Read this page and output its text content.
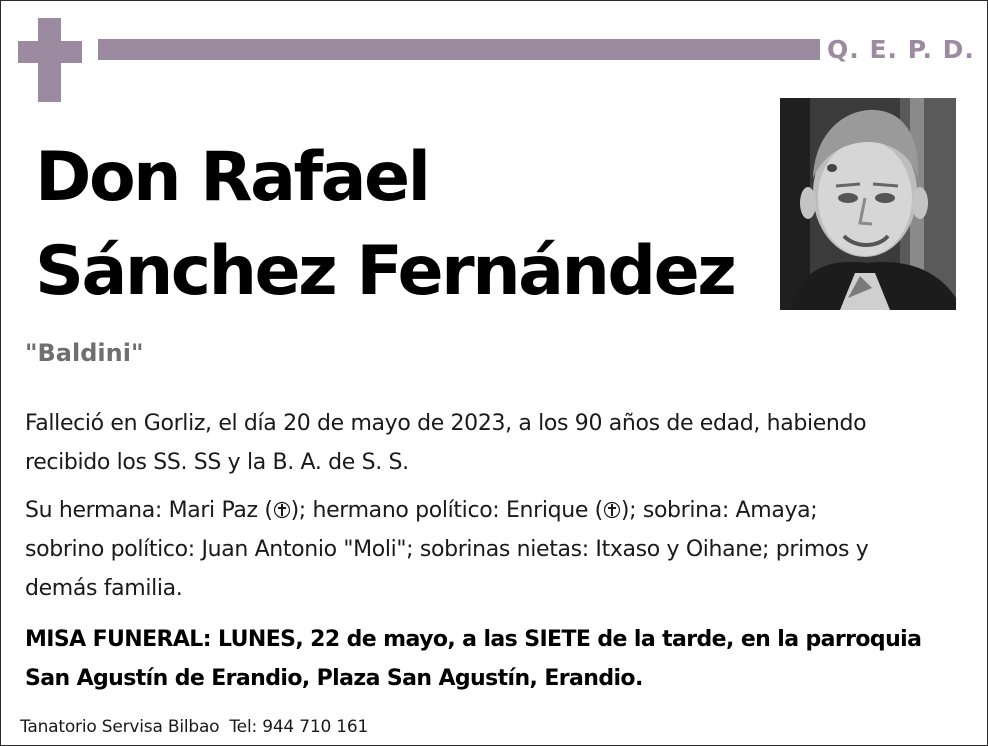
Q. E. P. D.
Don Rafael
Sánchez Fernández
"Baldini"
Falleció en Gorliz, el día 20 de mayo de 2023, a los 90 años de edad, habiendo
recibido los SS. SS y la B. A. de S. S.
Su hermana: Mari Paz ( ); hermano político: Enrique ( ); sobrina: Amaya;
sobrino político: Juan Antonio "Moli"; sobrinas nietas: Itxaso y Oihane; primos y
demás familia.
MISA FUNERAL: LUNES, 22 de mayo, a las SIETE de la tarde, en la parroquia
San Agustín de Erandio, Plaza San Agustín, Erandio.
Tanatorio Servisa Bilbao Tel: 944 710 161
